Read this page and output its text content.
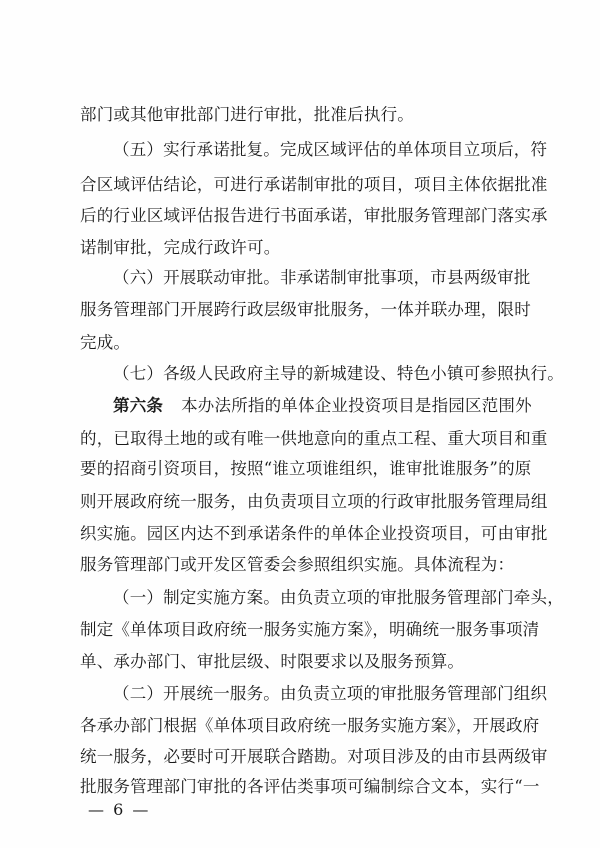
部门或其他审批部门进行审批，批准后执行。
（五）实行承诺批复。完成区域评估的单体项目立项后，符
合区域评估结论，可进行承诺制审批的项目，项目主体依据批准
后的行业区域评估报告进行书面承诺，审批服务管理部门落实承
诺制审批，完成行政许可。
（六）开展联动审批。非承诺制审批事项，市县两级审批
服务管理部门开展跨行政层级审批服务，一体并联办理，限时
完成。
（七）各级人民政府主导的新城建设、特色小镇可参照执行。
第六条 本办法所指的单体企业投资项目是指园区范围外
的，已取得土地的或有唯一供地意向的重点工程、重大项目和重
要的招商引资项目，按照“谁立项谁组织，谁审批谁服务”的原
则开展政府统一服务，由负责项目立项的行政审批服务管理局组
织实施。园区内达不到承诺条件的单体企业投资项目，可由审批
服务管理部门或开发区管委会参照组织实施。具体流程为：
（一）制定实施方案。由负责立项的审批服务管理部门牵头，
制定《单体项目政府统一服务实施方案》，明确统一服务事项清
单、承办部门、审批层级、时限要求以及服务预算。
（二）开展统一服务。由负责立项的审批服务管理部门组织
各承办部门根据《单体项目政府统一服务实施方案》，开展政府
统一服务，必要时可开展联合踏勘。对项目涉及的由市县两级审
批服务管理部门审批的各评估类事项可编制综合文本，实行“一
— 6 —
